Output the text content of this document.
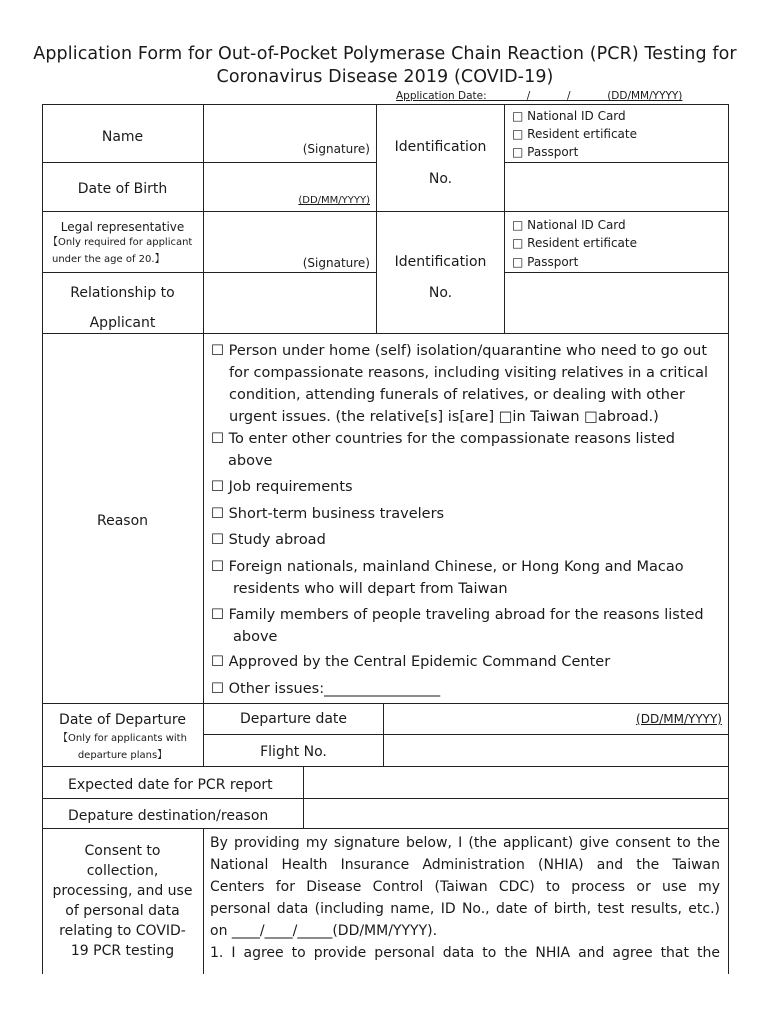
Application Form for Out-of-Pocket Polymerase Chain Reaction (PCR) Testing for
Coronavirus Disease 2019 (COVID-19)
Application Date:            /           /           (DD/MM/YYYY)
Name
(Signature)
Date of Birth
(DD/MM/YYYY)
Identification
No.
□ National ID Card
□ Resident ertificate
□ Passport
Legal representative
【Only required for applicant
under the age of 20.】	(Signature)
Relationship to
Applicant
Identification
No.
□ National ID Card
□ Resident ertificate
□ Passport
Reason
☐ Person under home (self) isolation/quarantine who need to go out for compassionate reasons, including visiting relatives in a critical condition, attending funerals of relatives, or dealing with other urgent issues. (the relative[s] is[are] □in Taiwan □abroad.)
☐ To enter other countries for the compassionate reasons listed above
☐ Job requirements
☐ Short-term business travelers
☐ Study abroad
☐ Foreign nationals, mainland Chinese, or Hong Kong and Macao residents who will depart from Taiwan
☐ Family members of people traveling abroad for the reasons listed above
☐ Approved by the Central Epidemic Command Center
☐ Other issues:________________
Date of Departure
【Only for applicants with
departure plans】
Departure date	(DD/MM/YYYY)
Flight No.
Expected date for PCR report
Depature destination/reason
Consent to
collection,
processing, and use
of personal data
relating to COVID-
19 PCR testing
By providing my signature below, I (the applicant) give consent to the
National Health Insurance Administration (NHIA) and the Taiwan
Centers for Disease Control (Taiwan CDC) to process or use my
personal data (including name, ID No., date of birth, test results, etc.)
on ____/____/_____(DD/MM/YYYY).
1. I agree to provide personal data to the NHIA and agree that the
